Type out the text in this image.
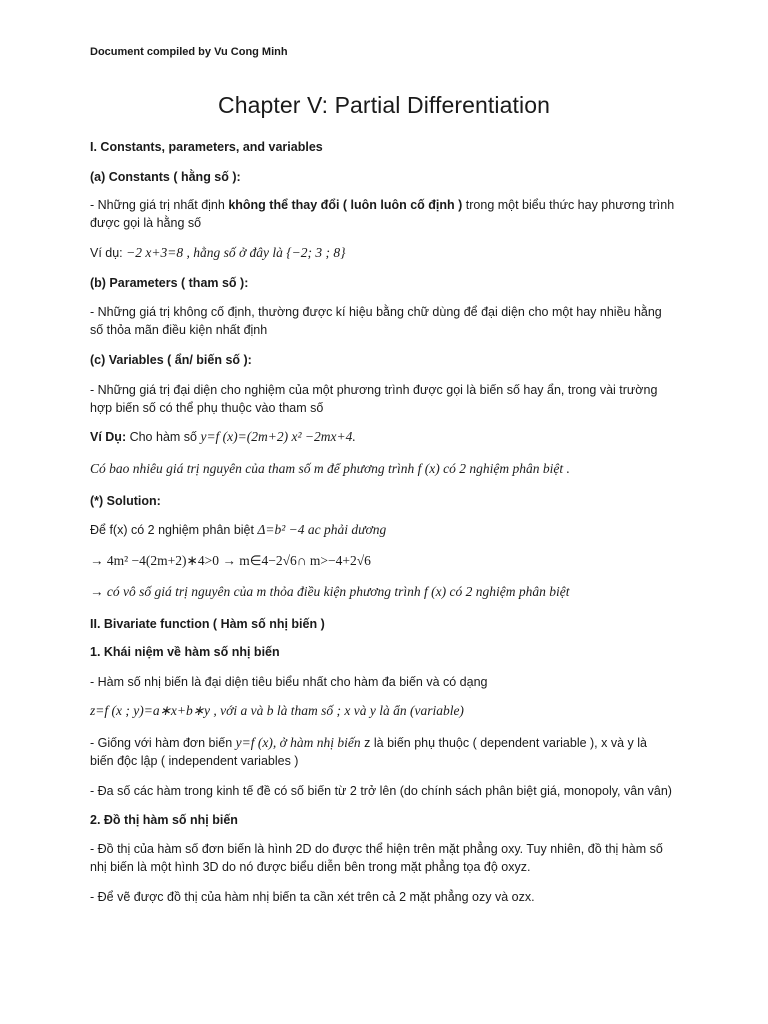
Document compiled by Vu Cong Minh
Chapter V: Partial Differentiation
I. Constants, parameters, and variables
(a) Constants ( hằng số ):
- Những giá trị nhất định không thể thay đổi ( luôn luôn cố định ) trong một biểu thức hay phương trình
được gọi là hằng số
Ví dụ: −2 x+3=8 , hằng số ở đây là {−2; 3 ; 8}
(b) Parameters ( tham số ):
- Những giá trị không cố định, thường được kí hiệu bằng chữ dùng để đại diện cho một hay nhiều hằng
số thỏa mãn điều kiện nhất định
(c) Variables ( ẩn/ biến số ):
- Những giá trị đại diện cho nghiệm của một phương trình được gọi là biến số hay ẩn, trong vài trường
hợp biến số có thể phụ thuộc vào tham số
Ví Dụ: Cho hàm số y=f (x)=(2m+2) x² −2mx+4.
Có bao nhiêu giá trị nguyên của tham số m để phương trình f (x) có 2 nghiệm phân biệt .
(*) Solution:
Để f(x) có 2 nghiệm phân biệt Δ=b² −4 ac phải dương
→ 4m² −4(2m+2)∗4>0 → m∈4−2√6∩ m>−4+2√6
→ có vô số giá trị nguyên của m thỏa điều kiện phương trình f (x) có 2 nghiệm phân biệt
II. Bivariate function ( Hàm số nhị biến )
1. Khái niệm về hàm số nhị biến
- Hàm số nhị biến là đại diện tiêu biểu nhất cho hàm đa biến và có dạng
z=f (x ; y)=a∗x+b∗y , với a và b là tham số ; x và y là ẩn (variable)
- Giống với hàm đơn biến y=f (x), ở hàm nhị biến z là biến phụ thuộc ( dependent variable ), x và y là
biến độc lập ( independent variables )
- Đa số các hàm trong kinh tế đề có số biến từ 2 trở lên (do chính sách phân biệt giá, monopoly, vân vân)
2. Đồ thị hàm số nhị biến
- Đồ thị của hàm số đơn biến là hình 2D do được thể hiện trên mặt phẳng oxy. Tuy nhiên, đồ thị hàm số
nhị biến là một hình 3D do nó được biểu diễn bên trong mặt phẳng tọa độ oxyz.
- Để vẽ được đồ thị của hàm nhị biến ta cần xét trên cả 2 mặt phẳng ozy và ozx.
